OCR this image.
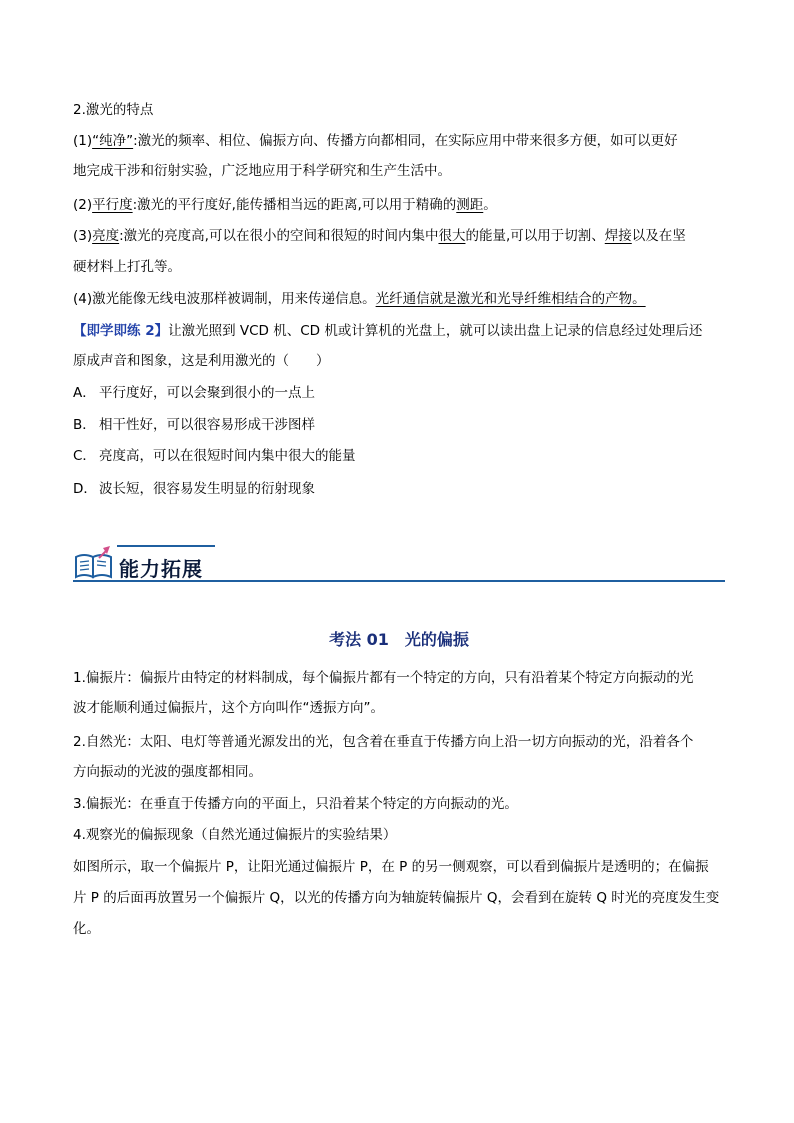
2.激光的特点
(1)“纯净”:激光的频率、相位、偏振方向、传播方向都相同，在实际应用中带来很多方便，如可以更好
地完成干涉和衍射实验，广泛地应用于科学研究和生产生活中。
(2)平行度:激光的平行度好,能传播相当远的距离,可以用于精确的测距。
(3)亮度:激光的亮度高,可以在很小的空间和很短的时间内集中很大的能量,可以用于切割、焊接以及在坚
硬材料上打孔等。
(4)激光能像无线电波那样被调制，用来传递信息。光纤通信就是激光和光导纤维相结合的产物。
【即学即练 2】让激光照到 VCD 机、CD 机或计算机的光盘上，就可以读出盘上记录的信息经过处理后还
原成声音和图象，这是利用激光的（　　）
A． 平行度好，可以会聚到很小的一点上
B． 相干性好，可以很容易形成干涉图样
C． 亮度高，可以在很短时间内集中很大的能量
D． 波长短，很容易发生明显的衍射现象
能力拓展
考法 01　光的偏振
1.偏振片：偏振片由特定的材料制成，每个偏振片都有一个特定的方向，只有沿着某个特定方向振动的光
波才能顺利通过偏振片，这个方向叫作“透振方向”。
2.自然光：太阳、电灯等普通光源发出的光，包含着在垂直于传播方向上沿一切方向振动的光，沿着各个
方向振动的光波的强度都相同。
3.偏振光：在垂直于传播方向的平面上，只沿着某个特定的方向振动的光。
4.观察光的偏振现象（自然光通过偏振片的实验结果）
如图所示，取一个偏振片 P，让阳光通过偏振片 P，在 P 的另一侧观察，可以看到偏振片是透明的；在偏振
片 P 的后面再放置另一个偏振片 Q，以光的传播方向为轴旋转偏振片 Q，会看到在旋转 Q 时光的亮度发生变
化。
